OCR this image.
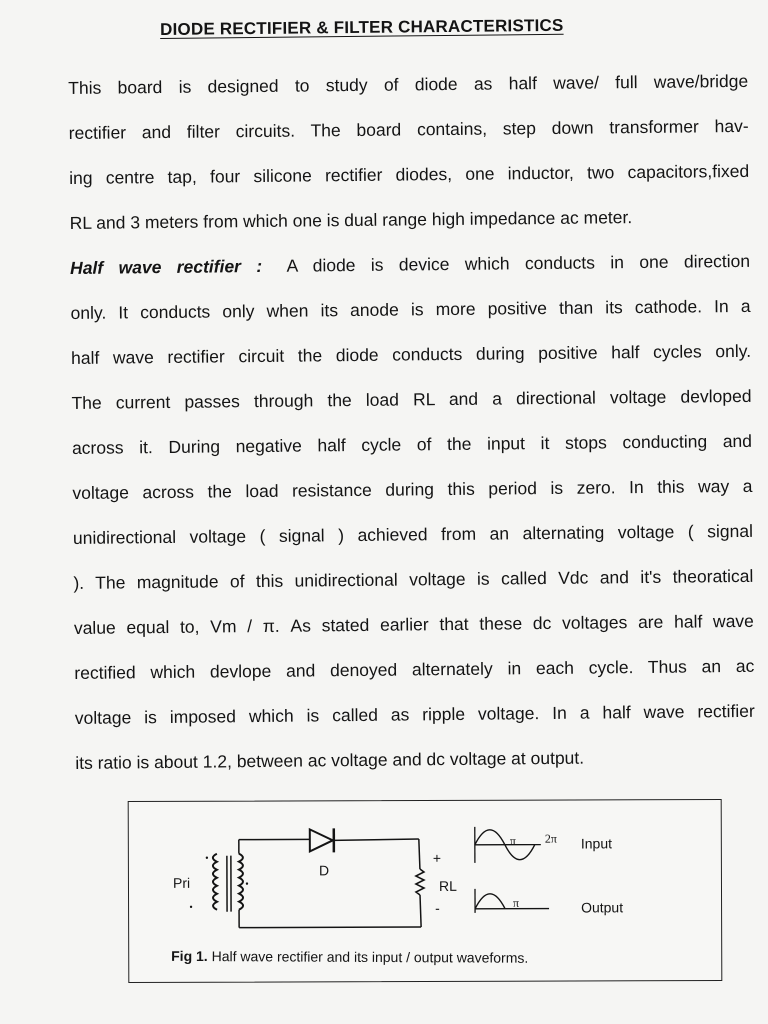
DIODE RECTIFIER & FILTER CHARACTERISTICS
This board is designed to study of diode as half wave/ full wave/bridge
rectifier and filter circuits. The board contains, step down transformer hav-
ing centre tap, four silicone rectifier diodes, one inductor, two capacitors,fixed
RL and 3 meters from which one is dual range high impedance ac meter.
Half wave rectifier : A diode is device which conducts in one direction
only. It conducts only when its anode is more positive than its cathode. In a
half wave rectifier circuit the diode conducts during positive half cycles only.
The current passes through the load RL and a directional voltage devloped
across it. During negative half cycle of the input it stops conducting and
voltage across the load resistance during this period is zero. In this way a
unidirectional voltage ( signal ) achieved from an alternating voltage ( signal
). The magnitude of this unidirectional voltage is called Vdc and it's theoratical
value equal to, Vm / π. As stated earlier that these dc voltages are half wave
rectified which devlope and denoyed alternately in each cycle. Thus an ac
voltage is imposed which is called as ripple voltage. In a half wave rectifier
its ratio is about 1.2, between ac voltage and dc voltage at output.
Pri
D
+
RL
-
π 2π Input
π	Output
Fig 1. Half wave rectifier and its input / output waveforms.
